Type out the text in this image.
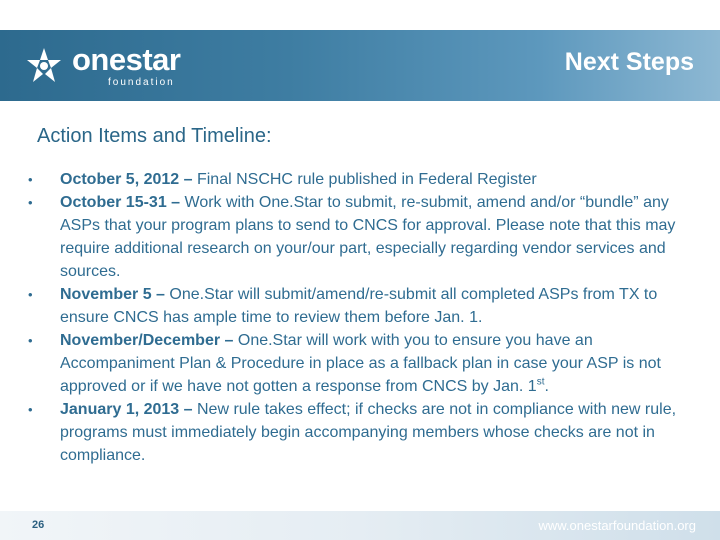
onestar
foundation
Next Steps
Action Items and Timeline:
• October 5, 2012 – Final NSCHC rule published in Federal Register
• October 15-31 – Work with One.Star to submit, re-submit, amend and/or “bundle” any ASPs that your program plans to send to CNCS for approval. Please note that this may require additional research on your/our part, especially regarding vendor services and sources.
• November 5 – One.Star will submit/amend/re-submit all completed ASPs from TX to ensure CNCS has ample time to review them before Jan. 1.
• November/December – One.Star will work with you to ensure you have an Accompaniment Plan & Procedure in place as a fallback plan in case your ASP is not approved or if we have not gotten a response from CNCS by Jan. 1st.
• January 1, 2013 – New rule takes effect; if checks are not in compliance with new rule, programs must immediately begin accompanying members whose checks are not in compliance.
26	www.onestarfoundation.org
